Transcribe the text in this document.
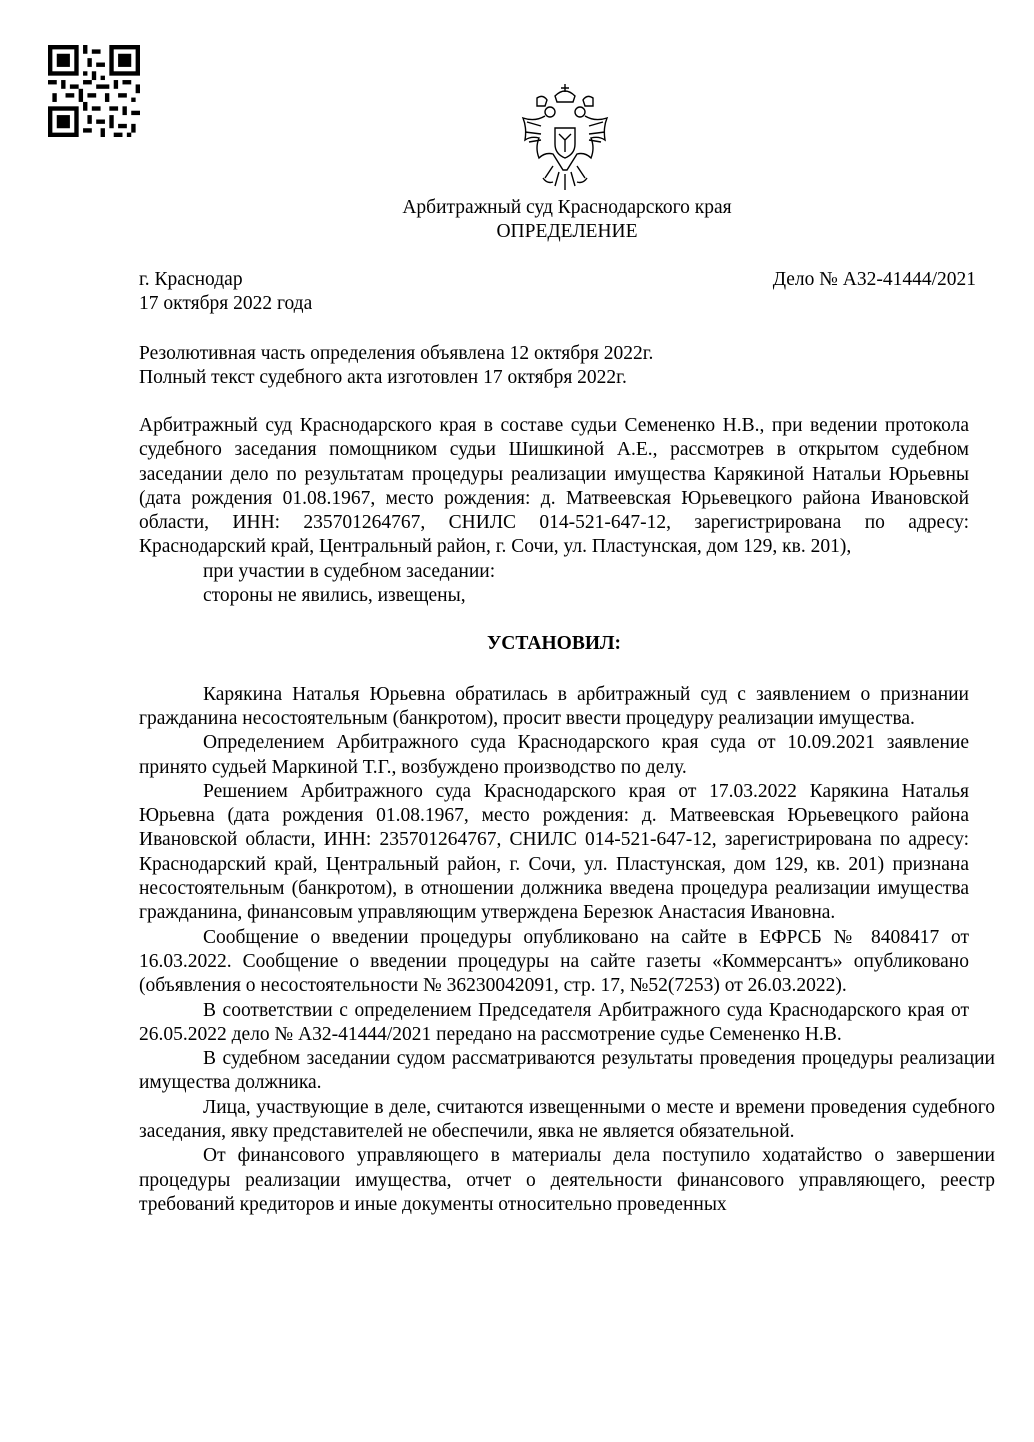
Арбитражный суд Краснодарского края
ОПРЕДЕЛЕНИЕ
г. Краснодар
17 октября 2022 года
Дело № А32-41444/2021
Резолютивная часть определения объявлена 12 октября 2022г.
Полный текст судебного акта изготовлен 17 октября 2022г.

Арбитражный суд Краснодарского края в составе судьи Семененко Н.В., при ведении протокола судебного заседания помощником судьи Шишкиной А.Е., рассмотрев в открытом судебном заседании дело по результатам процедуры реализации имущества Карякиной Натальи Юрьевны (дата рождения 01.08.1967, место рождения: д. Матвеевская Юрьевецкого района Ивановской области, ИНН: 235701264767, СНИЛС 014-521-647-12, зарегистрирована по адресу: Краснодарский край, Центральный район, г. Сочи, ул. Пластунская, дом 129, кв. 201),

при участии в судебном заседании:

стороны не явились, извещены,

УСТАНОВИЛ:

Карякина Наталья Юрьевна обратилась в арбитражный суд с заявлением о признании гражданина несостоятельным (банкротом), просит ввести процедуру реализации имущества.

Определением Арбитражного суда Краснодарского края суда от 10.09.2021 заявление принято судьей Маркиной Т.Г., возбуждено производство по делу.

Решением Арбитражного суда Краснодарского края от 17.03.2022 Карякина Наталья Юрьевна (дата рождения 01.08.1967, место рождения: д. Матвеевская Юрьевецкого района Ивановской области, ИНН: 235701264767, СНИЛС 014-521-647-12, зарегистрирована по адресу: Краснодарский край, Центральный район, г. Сочи, ул. Пластунская, дом 129, кв. 201) признана несостоятельным (банкротом), в отношении должника введена процедура реализации имущества гражданина, финансовым управляющим утверждена Березюк Анастасия Ивановна.

Сообщение о введении процедуры опубликовано на сайте в ЕФРСБ № 8408417 от 16.03.2022. Сообщение о введении процедуры на сайте газеты «Коммерсантъ» опубликовано (объявления о несостоятельности № 36230042091, стр. 17, №52(7253) от 26.03.2022).

В соответствии с определением Председателя Арбитражного суда Краснодарского края от 26.05.2022 дело № А32-41444/2021 передано на рассмотрение судье Семененко Н.В.

В судебном заседании судом рассматриваются результаты проведения процедуры реализации имущества должника.

Лица, участвующие в деле, считаются извещенными о месте и времени проведения судебного заседания, явку представителей не обеспечили, явка не является обязательной.

От финансового управляющего в материалы дела поступило ходатайство о завершении процедуры реализации имущества, отчет о деятельности финансового управляющего, реестр требований кредиторов и иные документы относительно проведенных
